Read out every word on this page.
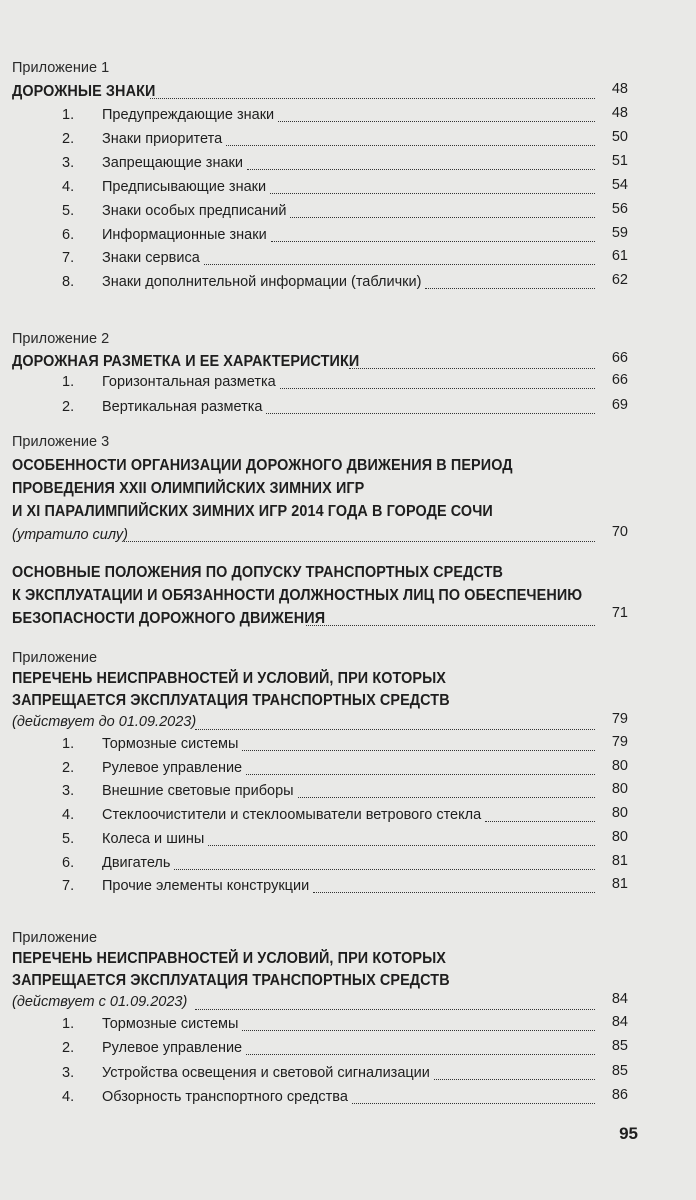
Приложение 1
ДОРОЖНЫЕ ЗНАКИ	48
1. Предупреждающие знаки	48
2. Знаки приоритета	50
3. Запрещающие знаки	51
4. Предписывающие знаки	54
5. Знаки особых предписаний	56
6. Информационные знаки	59
7. Знаки сервиса	61
8. Знаки дополнительной информации (таблички)	62
Приложение 2
ДОРОЖНАЯ РАЗМЕТКА И ЕЕ ХАРАКТЕРИСТИКИ	66
1. Горизонтальная разметка	66
2. Вертикальная разметка	69
Приложение 3
ОСОБЕННОСТИ ОРГАНИЗАЦИИ ДОРОЖНОГО ДВИЖЕНИЯ В ПЕРИОД
ПРОВЕДЕНИЯ XXII ОЛИМПИЙСКИХ ЗИМНИХ ИГР
И XI ПАРАЛИМПИЙСКИХ ЗИМНИХ ИГР 2014 ГОДА В ГОРОДЕ СОЧИ
(утратило силу)	70
ОСНОВНЫЕ ПОЛОЖЕНИЯ ПО ДОПУСКУ ТРАНСПОРТНЫХ СРЕДСТВ
К ЭКСПЛУАТАЦИИ И ОБЯЗАННОСТИ ДОЛЖНОСТНЫХ ЛИЦ ПО ОБЕСПЕЧЕНИЮ
БЕЗОПАСНОСТИ ДОРОЖНОГО ДВИЖЕНИЯ	71
Приложение
ПЕРЕЧЕНЬ НЕИСПРАВНОСТЕЙ И УСЛОВИЙ, ПРИ КОТОРЫХ
ЗАПРЕЩАЕТСЯ ЭКСПЛУАТАЦИЯ ТРАНСПОРТНЫХ СРЕДСТВ
(действует до 01.09.2023)	79
1. Тормозные системы	79
2. Рулевое управление	80
3. Внешние световые приборы	80
4. Стеклоочистители и стеклоомыватели ветрового стекла	80
5. Колеса и шины	80
6. Двигатель	81
7. Прочие элементы конструкции	81
Приложение
ПЕРЕЧЕНЬ НЕИСПРАВНОСТЕЙ И УСЛОВИЙ, ПРИ КОТОРЫХ
ЗАПРЕЩАЕТСЯ ЭКСПЛУАТАЦИЯ ТРАНСПОРТНЫХ СРЕДСТВ
(действует с 01.09.2023)	84
1. Тормозные системы	84
2. Рулевое управление	85
3. Устройства освещения и световой сигнализации	85
4. Обзорность транспортного средства	86
95
